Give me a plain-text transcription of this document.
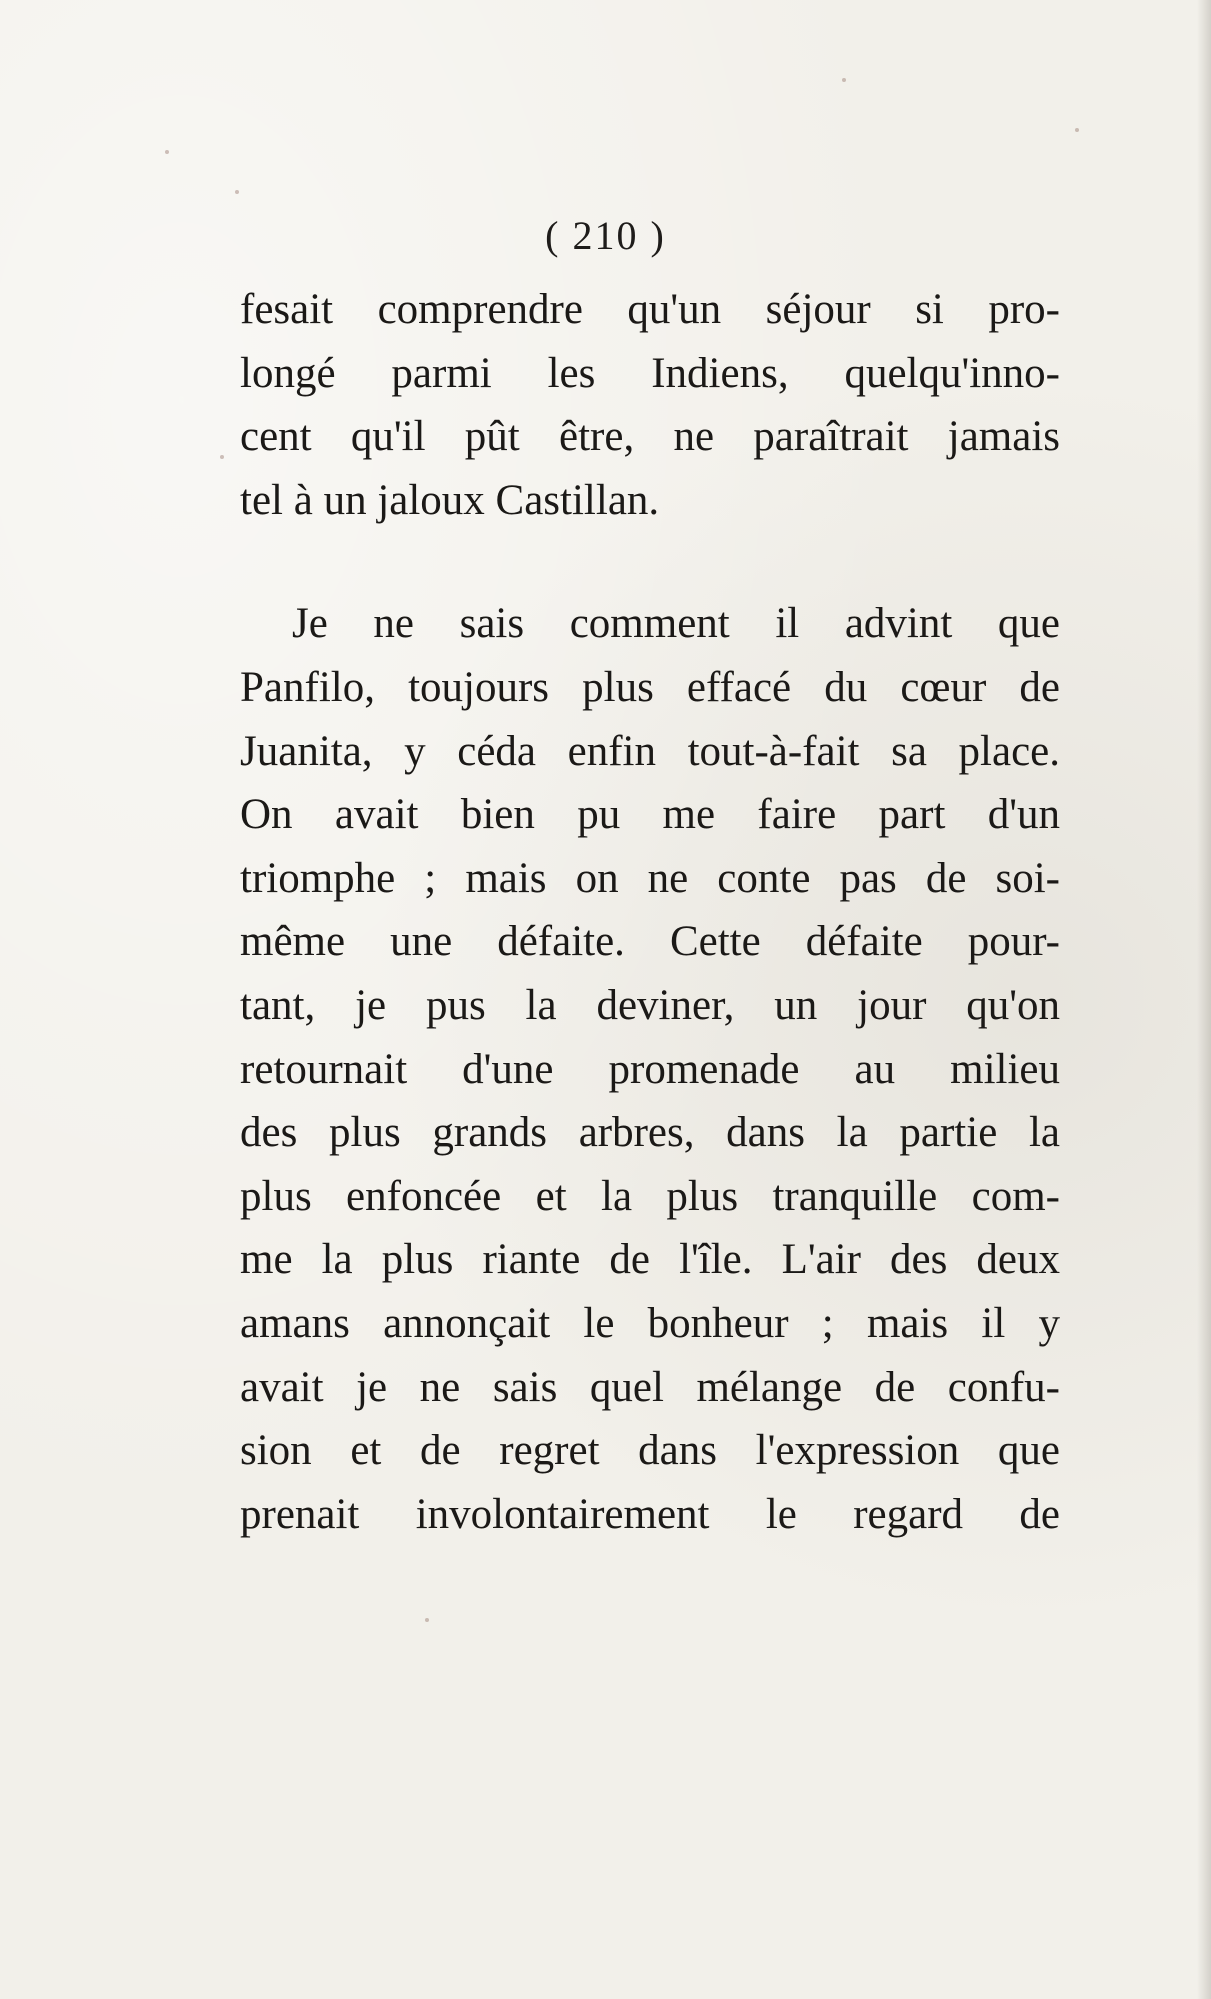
( 210 )
fesait comprendre qu'un séjour si pro-
longé parmi les Indiens, quelqu'inno-
cent qu'il pût être, ne paraîtrait jamais
tel à un jaloux Castillan.
Je ne sais comment il advint que
Panfilo, toujours plus effacé du cœur de
Juanita, y céda enfin tout-à-fait sa place.
On avait bien pu me faire part d'un
triomphe ; mais on ne conte pas de soi-
même une défaite. Cette défaite pour-
tant, je pus la deviner, un jour qu'on
retournait d'une promenade au milieu
des plus grands arbres, dans la partie la
plus enfoncée et la plus tranquille com-
me la plus riante de l'île. L'air des deux
amans annonçait le bonheur ; mais il y
avait je ne sais quel mélange de confu-
sion et de regret dans l'expression que
prenait involontairement le regard de
